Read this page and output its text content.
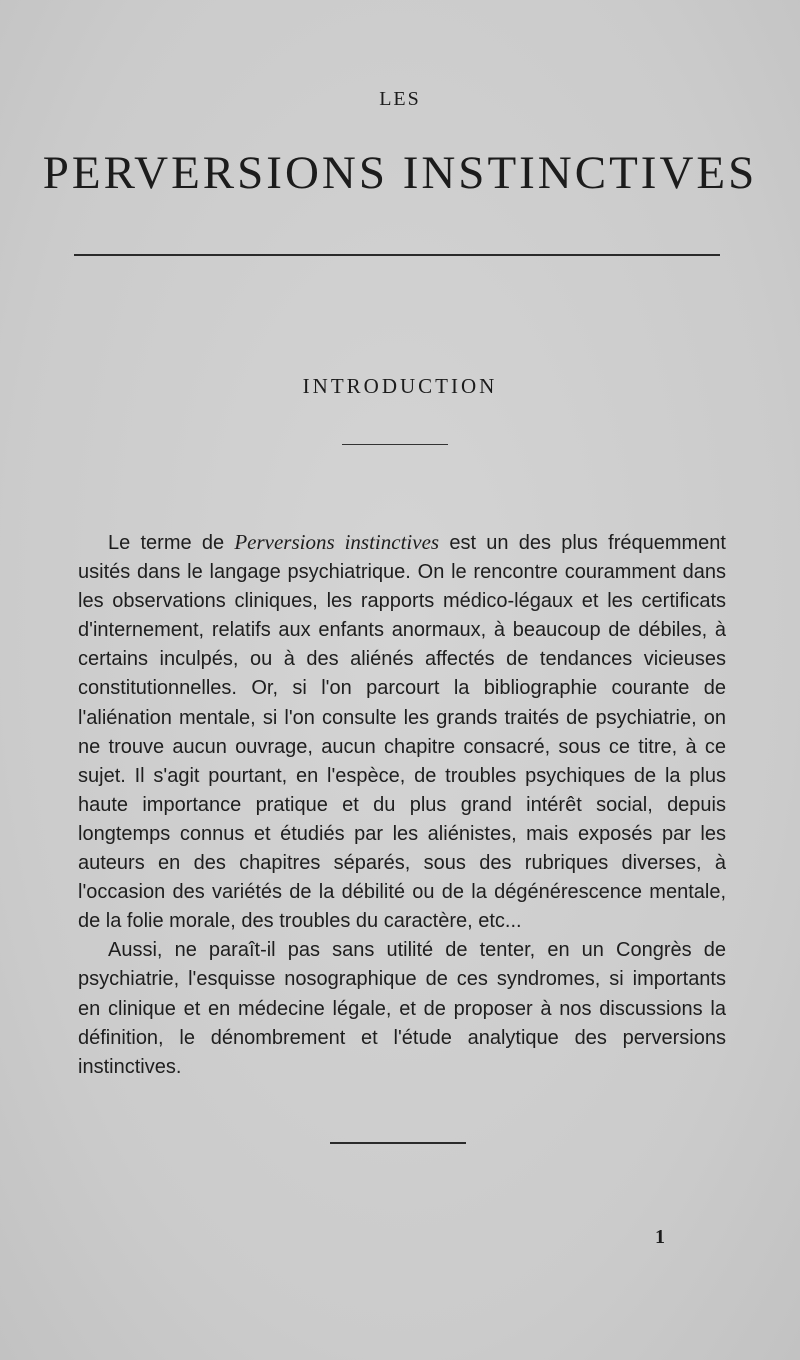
LES
PERVERSIONS INSTINCTIVES
INTRODUCTION

Le terme de Perversions instinctives est un des plus fréquemment usités dans le langage psychiatrique. On le rencontre couramment dans les observations cliniques, les rapports médico-légaux et les certificats d'internement, relatifs aux enfants anormaux, à beaucoup de débiles, à certains inculpés, ou à des aliénés affectés de tendances vicieuses constitutionnelles. Or, si l'on parcourt la bibliographie courante de l'aliénation mentale, si l'on consulte les grands traités de psychiatrie, on ne trouve aucun ouvrage, aucun chapitre consacré, sous ce titre, à ce sujet. Il s'agit pourtant, en l'espèce, de troubles psychiques de la plus haute importance pratique et du plus grand intérêt social, depuis longtemps connus et étudiés par les aliénistes, mais exposés par les auteurs en des chapitres séparés, sous des rubriques diverses, à l'occasion des variétés de la débilité ou de la dégénérescence mentale, de la folie morale, des troubles du caractère, etc...

Aussi, ne paraît-il pas sans utilité de tenter, en un Congrès de psychiatrie, l'esquisse nosographique de ces syndromes, si importants en clinique et en médecine légale, et de proposer à nos discussions la définition, le dénombrement et l'étude analytique des perversions instinctives.

1
